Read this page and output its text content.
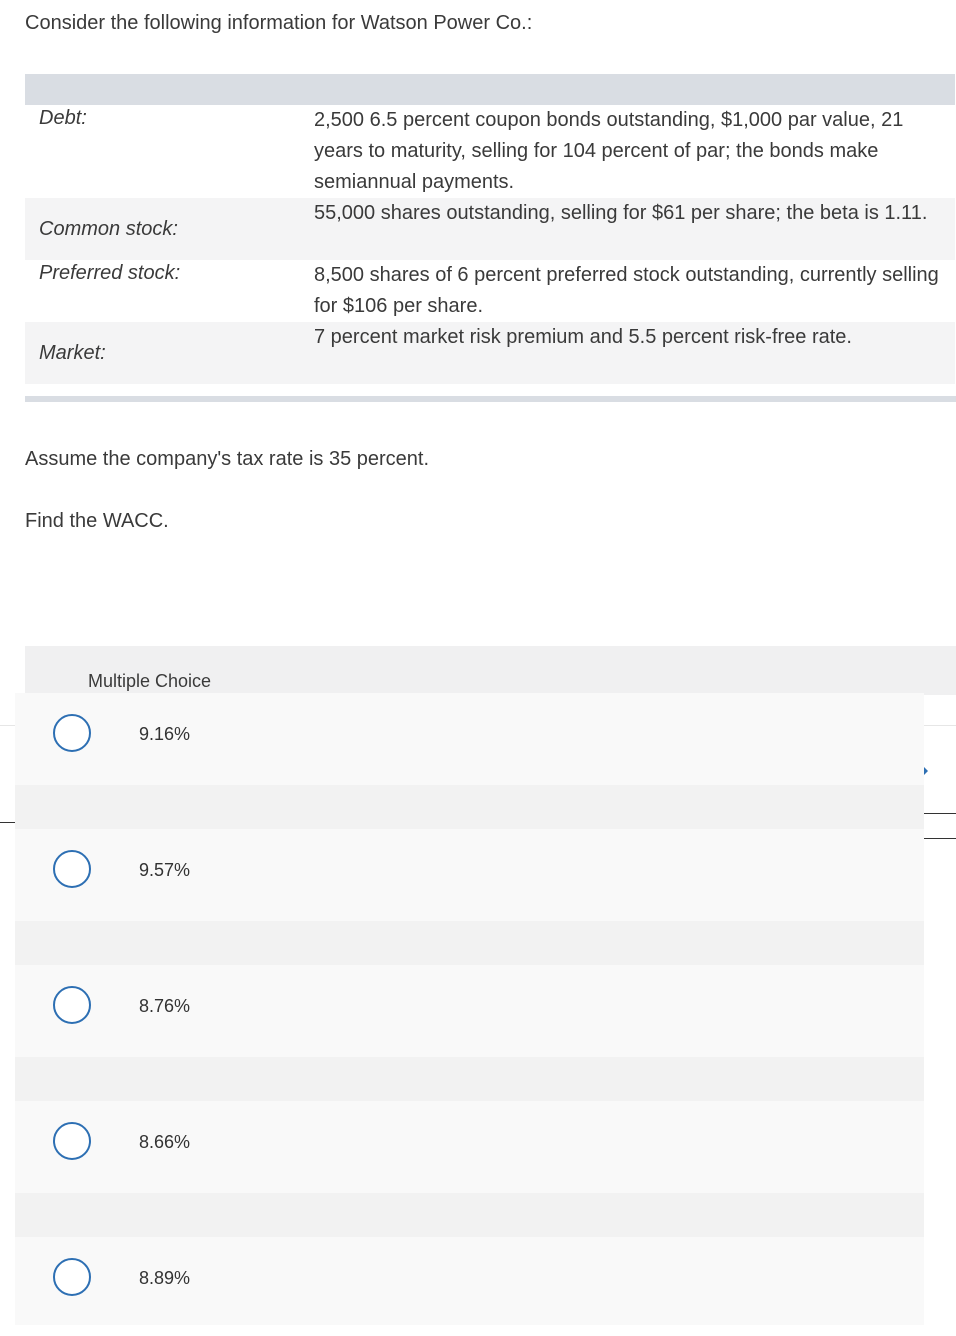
Consider the following information for Watson Power Co.:
Debt:	2,500 6.5 percent coupon bonds outstanding, $1,000 par value, 21 years to maturity, selling for 104 percent of par; the bonds make semiannual payments.
Common stock:
55,000 shares outstanding, selling for $61 per share; the beta is 1.11.
Preferred stock:	8,500 shares of 6 percent preferred stock outstanding, currently selling for $106 per share.
Market:
7 percent market risk premium and 5.5 percent risk-free rate.
Assume the company's tax rate is 35 percent.
Find the WACC.
Multiple Choice
9.16%
9.57%
8.76%
8.66%
8.89%
